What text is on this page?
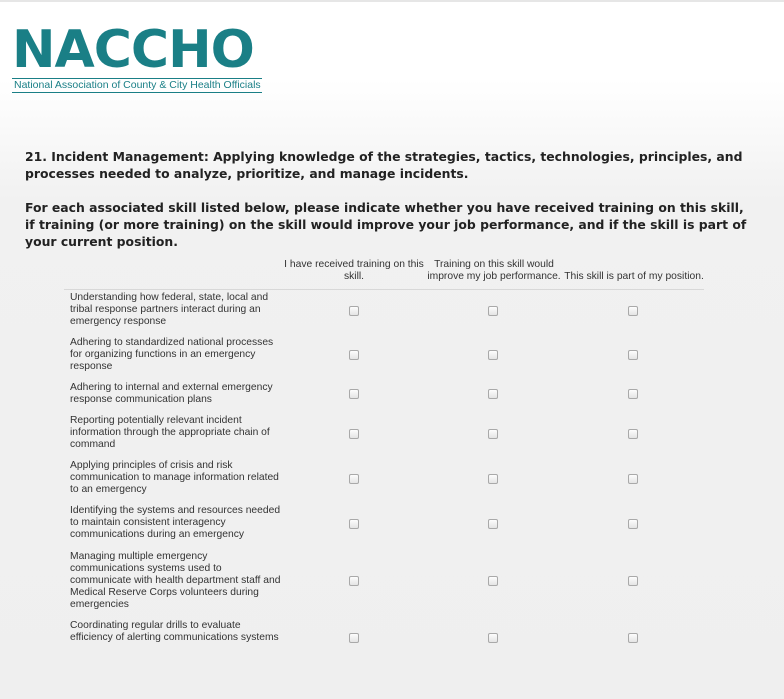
NACCHO
National Association of County & City Health Officials
21. Incident Management: Applying knowledge of the strategies, tactics, technologies, principles, and processes needed to analyze, prioritize, and manage incidents.
For each associated skill listed below, please indicate whether you have received training on this skill, if training (or more training) on the skill would improve your job performance, and if the skill is part of your current position.
I have received training on this skill.
Training on this skill would improve my job performance. This skill is part of my position.
Understanding how federal, state, local and tribal response partners interact during an emergency response
Adhering to standardized national processes for organizing functions in an emergency response
Adhering to internal and external emergency response communication plans
Reporting potentially relevant incident information through the appropriate chain of command
Applying principles of crisis and risk communication to manage information related to an emergency
Identifying the systems and resources needed to maintain consistent interagency communications during an emergency
Managing multiple emergency communications systems used to communicate with health department staff and Medical Reserve Corps volunteers during emergencies
Coordinating regular drills to evaluate efficiency of alerting communications systems
